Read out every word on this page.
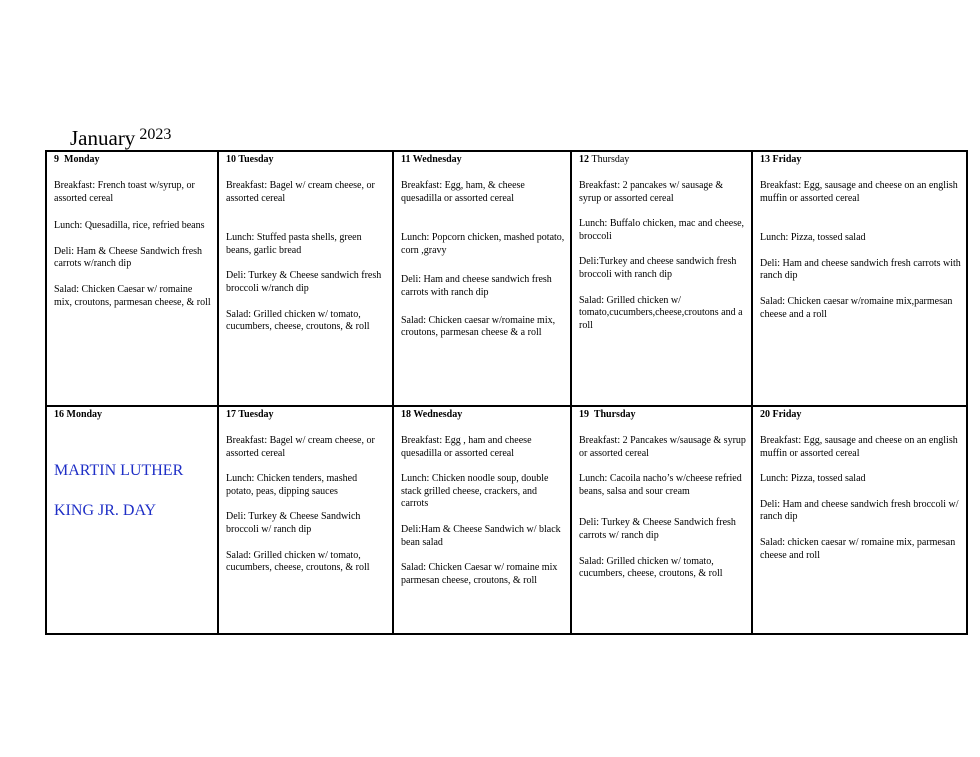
January 2023
9 Monday

Breakfast: French toast w/syrup, or assorted cereal

Lunch: Quesadilla, rice, refried beans

Deli: Ham & Cheese Sandwich fresh carrots w/ranch dip

Salad: Chicken Caesar w/ romaine mix, croutons, parmesan cheese, & roll

10 Tuesday

Breakfast: Bagel w/ cream cheese, or assorted cereal

Lunch: Stuffed pasta shells, green beans, garlic bread

Deli: Turkey & Cheese sandwich fresh broccoli w/ranch dip

Salad: Grilled chicken w/ tomato, cucumbers, cheese, croutons, & roll

11 Wednesday

Breakfast: Egg, ham, & cheese quesadilla or assorted cereal

Lunch: Popcorn chicken, mashed potato, corn ,gravy

Deli: Ham and cheese sandwich fresh carrots with ranch dip

Salad: Chicken caesar w/romaine mix, croutons, parmesan cheese & a roll

12 Thursday

Breakfast: 2 pancakes w/ sausage & syrup or assorted cereal

Lunch: Buffalo chicken, mac and cheese, broccoli

Deli:Turkey and cheese sandwich fresh broccoli with ranch dip

Salad: Grilled chicken w/ tomato,cucumbers,cheese,croutons and a roll

13 Friday

Breakfast: Egg, sausage and cheese on an english muffin or assorted cereal

Lunch: Pizza, tossed salad

Deli: Ham and cheese sandwich fresh carrots with ranch dip

Salad: Chicken caesar w/romaine mix,parmesan cheese and a roll

16 Monday

MARTIN LUTHER

KING JR. DAY

17 Tuesday

Breakfast: Bagel w/ cream cheese, or assorted cereal

Lunch: Chicken tenders, mashed potato, peas, dipping sauces

Deli: Turkey & Cheese Sandwich broccoli w/ ranch dip

Salad: Grilled chicken w/ tomato, cucumbers, cheese, croutons, & roll

18 Wednesday

Breakfast: Egg , ham and cheese quesadilla or assorted cereal

Lunch: Chicken noodle soup, double stack grilled cheese, crackers, and carrots

Deli:Ham & Cheese Sandwich w/ black bean salad

Salad: Chicken Caesar w/ romaine mix parmesan cheese, croutons, & roll

19 Thursday

Breakfast: 2 Pancakes w/sausage & syrup or assorted cereal

Lunch: Cacoila nacho’s w/cheese refried beans, salsa and sour cream

Deli: Turkey & Cheese Sandwich fresh carrots w/ ranch dip

Salad: Grilled chicken w/ tomato, cucumbers, cheese, croutons, & roll

20 Friday

Breakfast: Egg, sausage and cheese on an english muffin or assorted cereal

Lunch: Pizza, tossed salad

Deli: Ham and cheese sandwich fresh broccoli w/ ranch dip

Salad: chicken caesar w/ romaine mix, parmesan cheese and roll
